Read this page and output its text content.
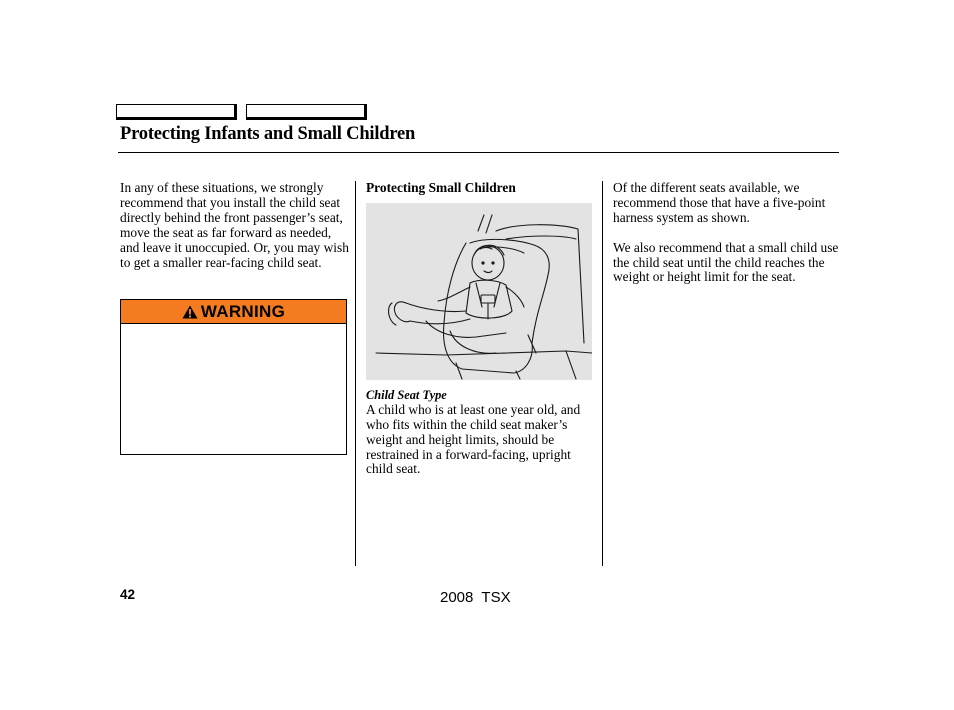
Protecting Infants and Small Children

In any of these situations, we strongly recommend that you install the child seat directly behind the front passenger’s seat, move the seat as far forward as needed, and leave it unoccupied. Or, you may wish to get a smaller rear-facing child seat.

WARNING

Protecting Small Children

Child Seat Type

A child who is at least one year old, and who fits within the child seat maker’s weight and height limits, should be restrained in a forward-facing, upright child seat.

Of the different seats available, we recommend those that have a five-point harness system as shown.

We also recommend that a small child use the child seat until the child reaches the weight or height limit for the seat.

42	2008  TSX
